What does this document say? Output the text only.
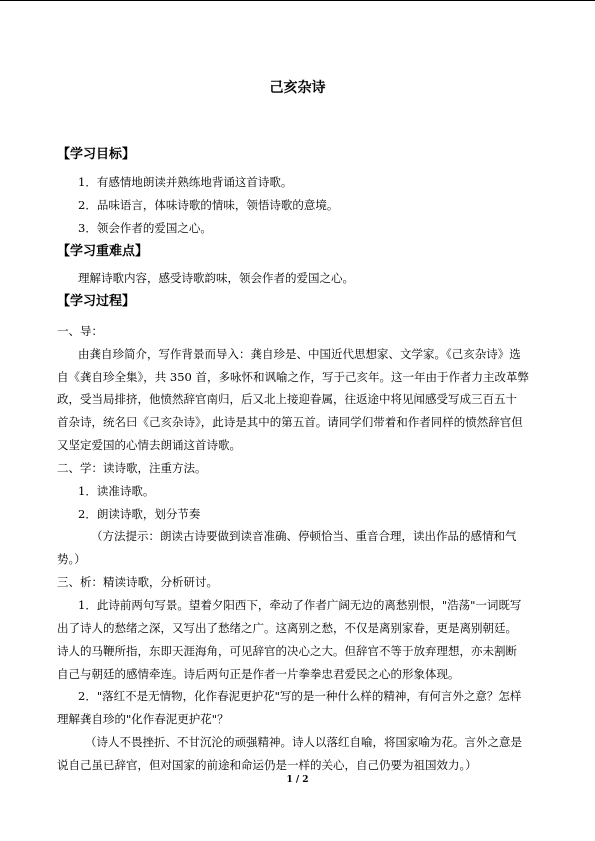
己亥杂诗
【学习目标】
1．有感情地朗读并熟练地背诵这首诗歌。
2．品味语言，体味诗歌的情味，领悟诗歌的意境。
3．领会作者的爱国之心。
【学习重难点】
理解诗歌内容，感受诗歌韵味，领会作者的爱国之心。
【学习过程】
一、导：
由龚自珍简介，写作背景而导入：龚自珍是、中国近代思想家、文学家。《己亥杂诗》选
自《龚自珍全集》，共 350 首，多咏怀和讽喻之作，写于己亥年。这一年由于作者力主改革弊
政，受当局排挤，他愤然辞官南归，后又北上接迎眷属，往返途中将见闻感受写成三百五十
首杂诗，统名曰《己亥杂诗》，此诗是其中的第五首。请同学们带着和作者同样的愤然辞官但
又坚定爱国的心情去朗诵这首诗歌。
二、学：读诗歌，注重方法。
1．读准诗歌。
2．朗读诗歌，划分节奏
（方法提示：朗读古诗要做到读音准确、停顿恰当、重音合理，读出作品的感情和气
势。）
三、析：精读诗歌，分析研讨。
1．此诗前两句写景。望着夕阳西下，牵动了作者广阔无边的离愁别恨，"浩荡"一词既写
出了诗人的愁绪之深，又写出了愁绪之广。这离别之愁，不仅是离别家眷，更是离别朝廷。
诗人的马鞭所指，东即天涯海角，可见辞官的决心之大。但辞官不等于放弃理想，亦未割断
自己与朝廷的感情牵连。诗后两句正是作者一片拳拳忠君爱民之心的形象体现。
2．"落红不是无情物，化作春泥更护花"写的是一种什么样的精神，有何言外之意？怎样
理解龚自珍的"化作春泥更护花"？
（诗人不畏挫折、不甘沉沦的顽强精神。诗人以落红自喻，将国家喻为花。言外之意是
说自己虽已辞官，但对国家的前途和命运仍是一样的关心，自己仍要为祖国效力。）
1 / 2
